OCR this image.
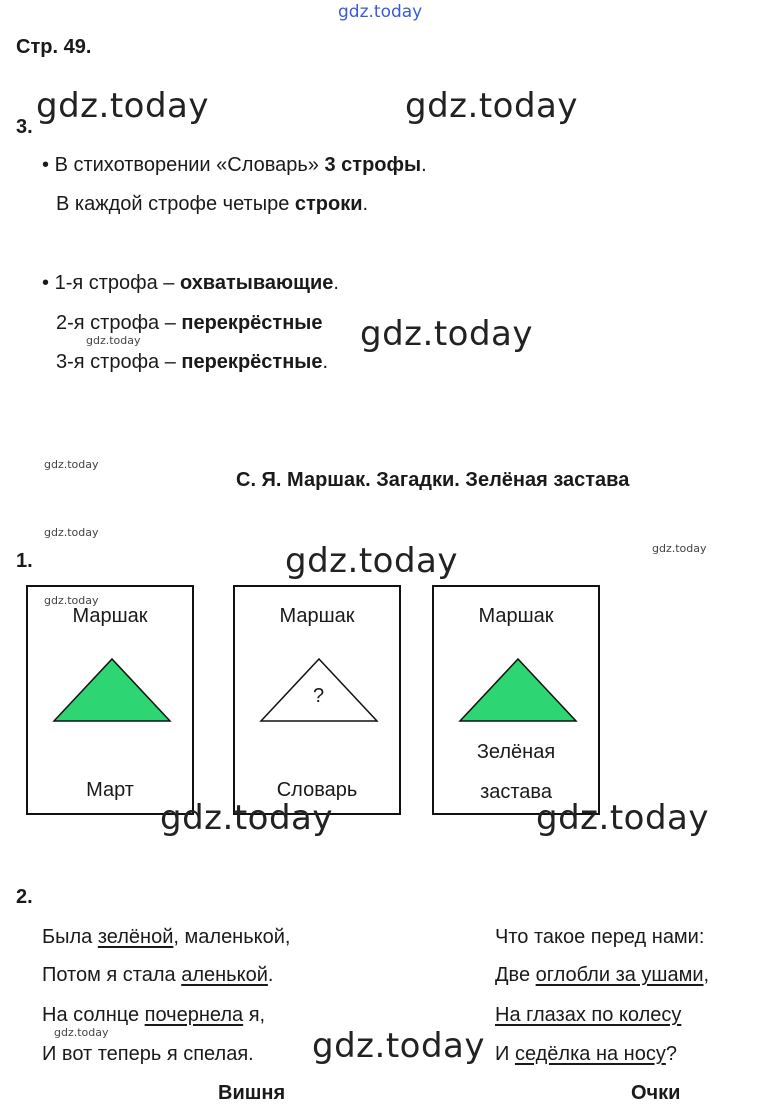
gdz.today
Стр. 49.
3.
• В стихотворении «Словарь» 3 строфы.
В каждой строфе четыре строки.
• 1-я строфа – охватывающие.
2-я строфа – перекрёстные
3-я строфа – перекрёстные.
С. Я. Маршак. Загадки. Зелёная застава
1.
Маршак
Март
Маршак
?
Словарь
Маршак
Зелёная
застава
2.
Была зелёной, маленькой,
Потом я стала аленькой.
На солнце почернела я,
И вот теперь я спелая.
Вишня
Что такое перед нами:
Две оглобли за ушами,
На глазах по колесу
И седёлка на носу?
Очки
gdz.today	gdz.today
gdz.today
gdz.today
gdz.today
gdz.today
gdz.today	gdz.today
gdz.today
gdz.today	gdz.today
gdz.today	gdz.today
